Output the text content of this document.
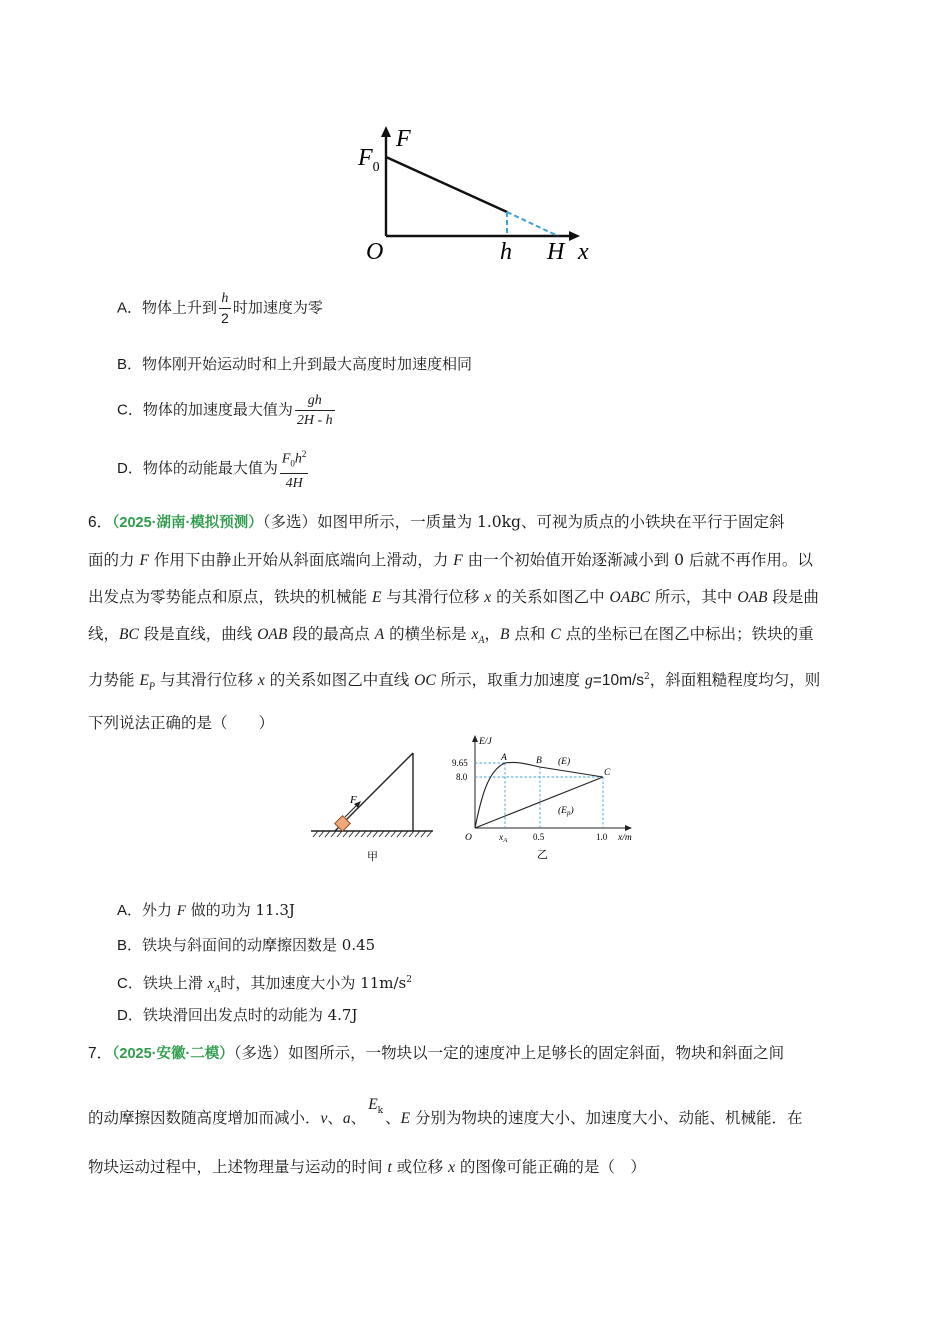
F
$F_0$
O	h H x
A．物体上升到 $\frac{h}{2}$ 时加速度为零
B．物体刚开始运动时和上升到最大高度时加速度相同
C．物体的加速度最大值为 $\frac{gh}{2H - h}$
D．物体的动能最大值为 $\frac{F_0h^2}{4H}$
6．（2025·湖南·模拟预测）（多选）如图甲所示，一质量为 1.0kg、可视为质点的小铁块在平行于固定斜
面的力 F 作用下由静止开始从斜面底端向上滑动，力 F 由一个初始值开始逐渐减小到 0 后就不再作用。以
出发点为零势能点和原点，铁块的机械能 E 与其滑行位移 x 的关系如图乙中 OABC 所示，其中 OAB 段是曲
线，BC 段是直线，曲线 OAB 段的最高点 A 的横坐标是 $x_A$，B 点和 C 点的坐标已在图乙中标出；铁块的重
力势能 $E_P$ 与其滑行位移 x 的关系如图乙中直线 OC 所示，取重力加速度 $g=10m/s^2$，斜面粗糙程度均匀，则
下列说法正确的是（　　）
F
甲
E/J
9.65
8.0
A	B
C
(E)
$(E_p)$
O	$x_A$	0.5	1.0 x/m
乙
A．外力 F 做的功为 11.3J
B．铁块与斜面间的动摩擦因数是 0.45
C．铁块上滑 $x_A$时，其加速度大小为 $11m/s^2$
D．铁块滑回出发点时的动能为 4.7J
7．（2025·安徽·二模）（多选）如图所示，一物块以一定的速度冲上足够长的固定斜面，物块和斜面之间
的动摩擦因数随高度增加而减小．v、a、$E_k$ 、E 分别为物块的速度大小、加速度大小、动能、机械能．在
物块运动过程中，上述物理量与运动的时间 t 或位移 x 的图像可能正确的是（　）
